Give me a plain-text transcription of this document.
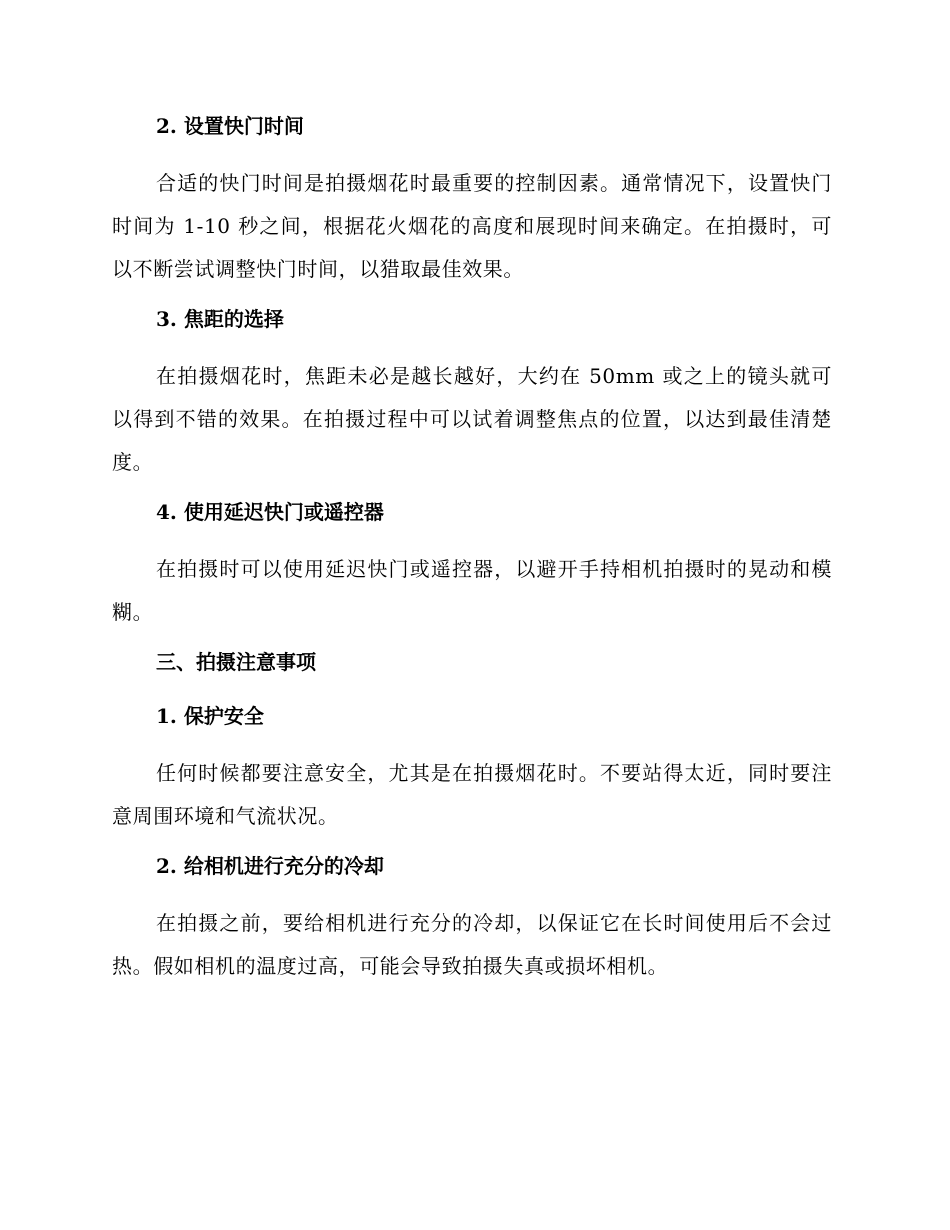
2. 设置快门时间

合适的快门时间是拍摄烟花时最重要的控制因素。通常情况下，设置快门时间为 1-10 秒之间，根据花火烟花的高度和展现时间来确定。在拍摄时，可以不断尝试调整快门时间，以猎取最佳效果。

3. 焦距的选择

在拍摄烟花时，焦距未必是越长越好，大约在 50mm 或之上的镜头就可以得到不错的效果。在拍摄过程中可以试着调整焦点的位置，以达到最佳清楚度。

4. 使用延迟快门或遥控器

在拍摄时可以使用延迟快门或遥控器，以避开手持相机拍摄时的晃动和模糊。

三、拍摄注意事项
1. 保护安全

任何时候都要注意安全，尤其是在拍摄烟花时。不要站得太近，同时要注意周围环境和气流状况。

2. 给相机进行充分的冷却

在拍摄之前，要给相机进行充分的冷却，以保证它在长时间使用后不会过热。假如相机的温度过高，可能会导致拍摄失真或损坏相机。
